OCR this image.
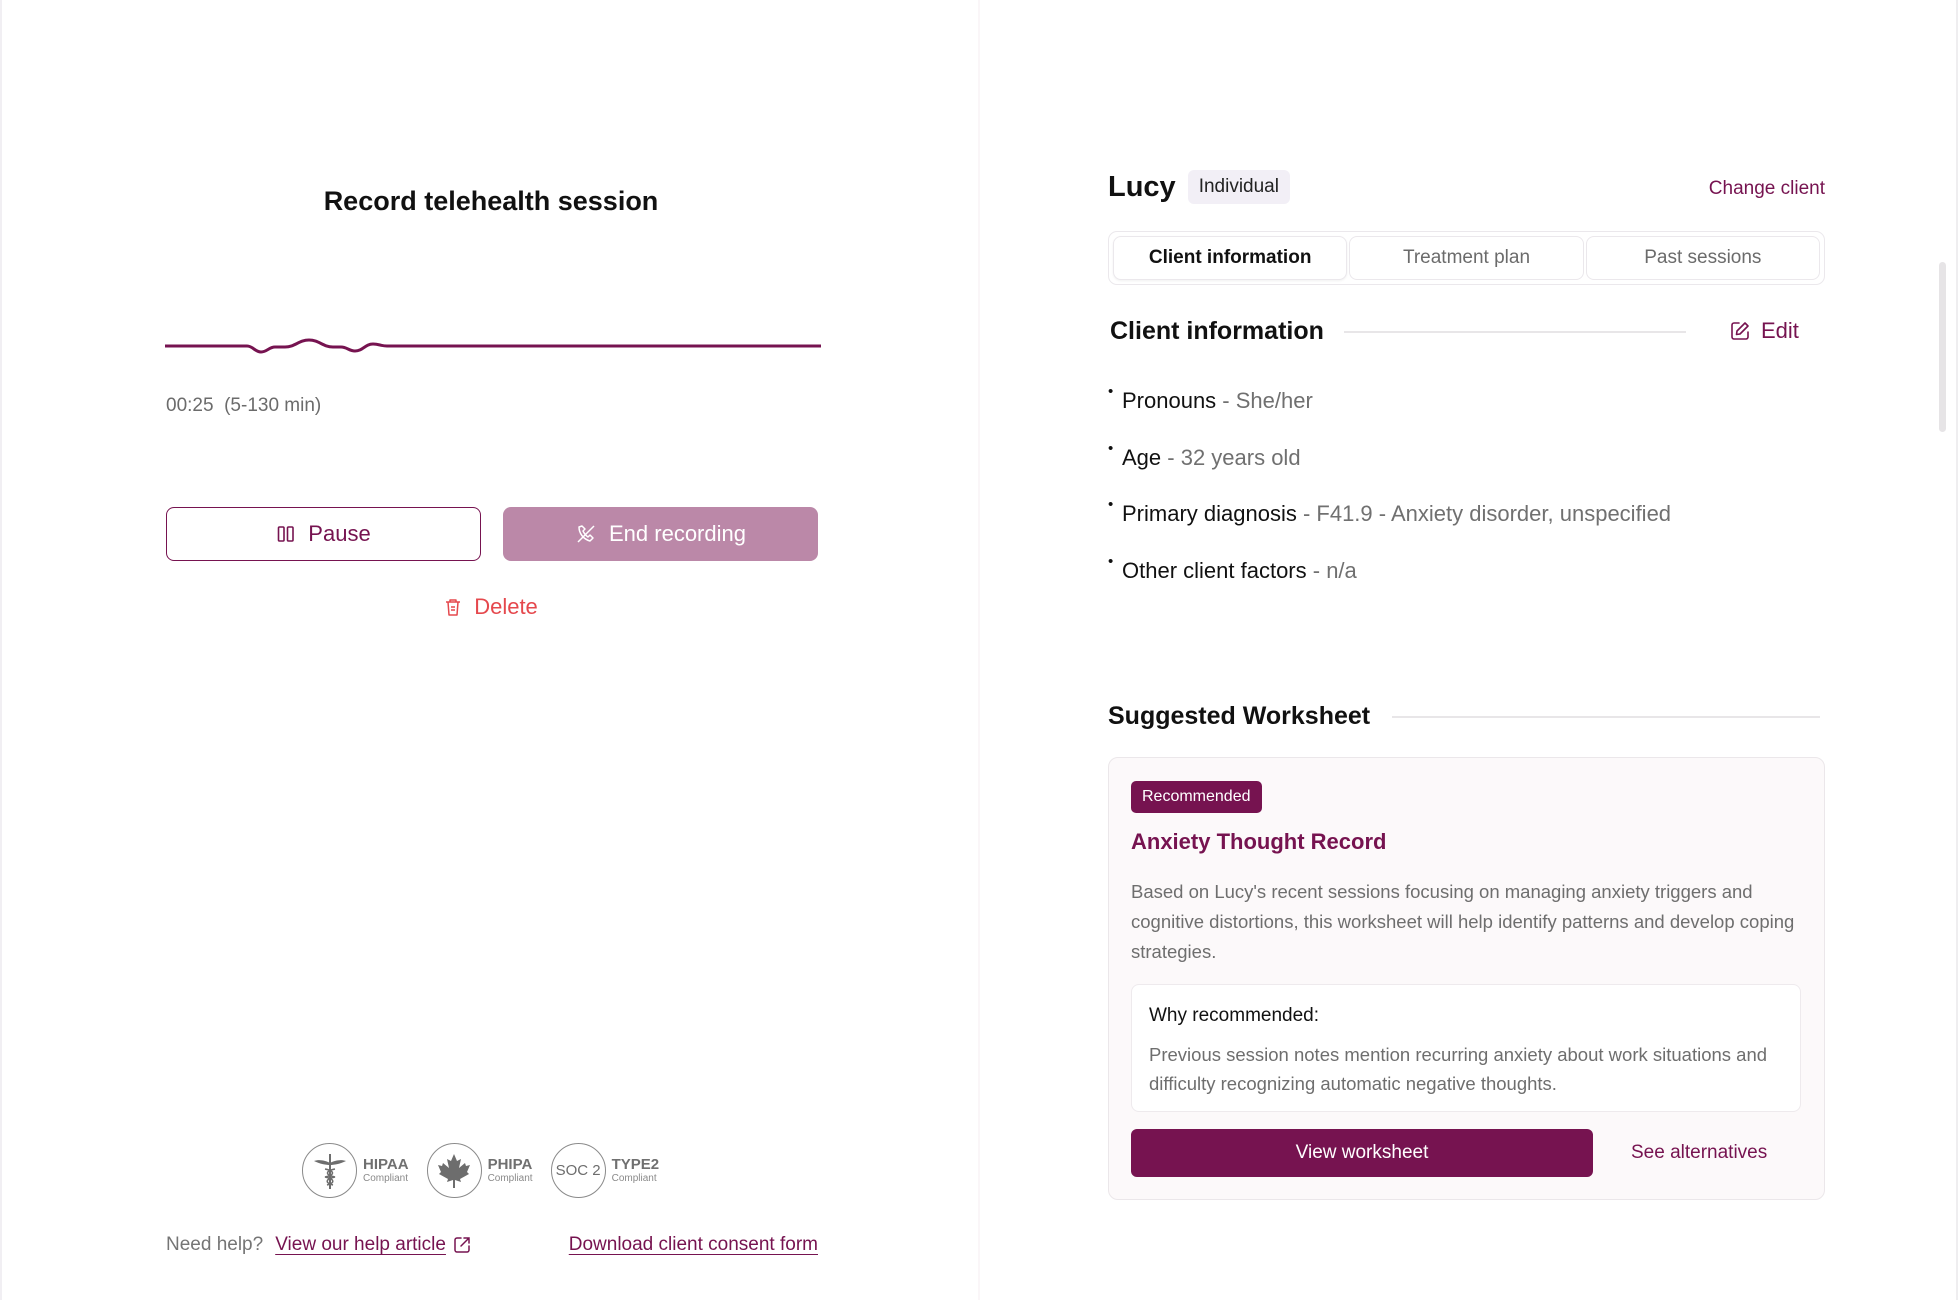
Record telehealth session
00:25  (5-130 min)
Pause	End recording
Delete
HIPAA
Compliant
PHIPA
Compliant	SOC 2 TYPE2
Compliant
Need help? View our help article	Download client consent form
Lucy	Individual	Change client
Client information	Treatment plan	Past sessions
Client information	Edit
• Pronouns - She/her
• Age - 32 years old
• Primary diagnosis - F41.9 - Anxiety disorder, unspecified
• Other client factors - n/a
Suggested Worksheet
Recommended
Anxiety Thought Record

Based on Lucy's recent sessions focusing on managing anxiety triggers and cognitive distortions, this worksheet will help identify patterns and develop coping strategies.

Why recommended:

Previous session notes mention recurring anxiety about work situations and difficulty recognizing automatic negative thoughts.

View worksheet	See alternatives
